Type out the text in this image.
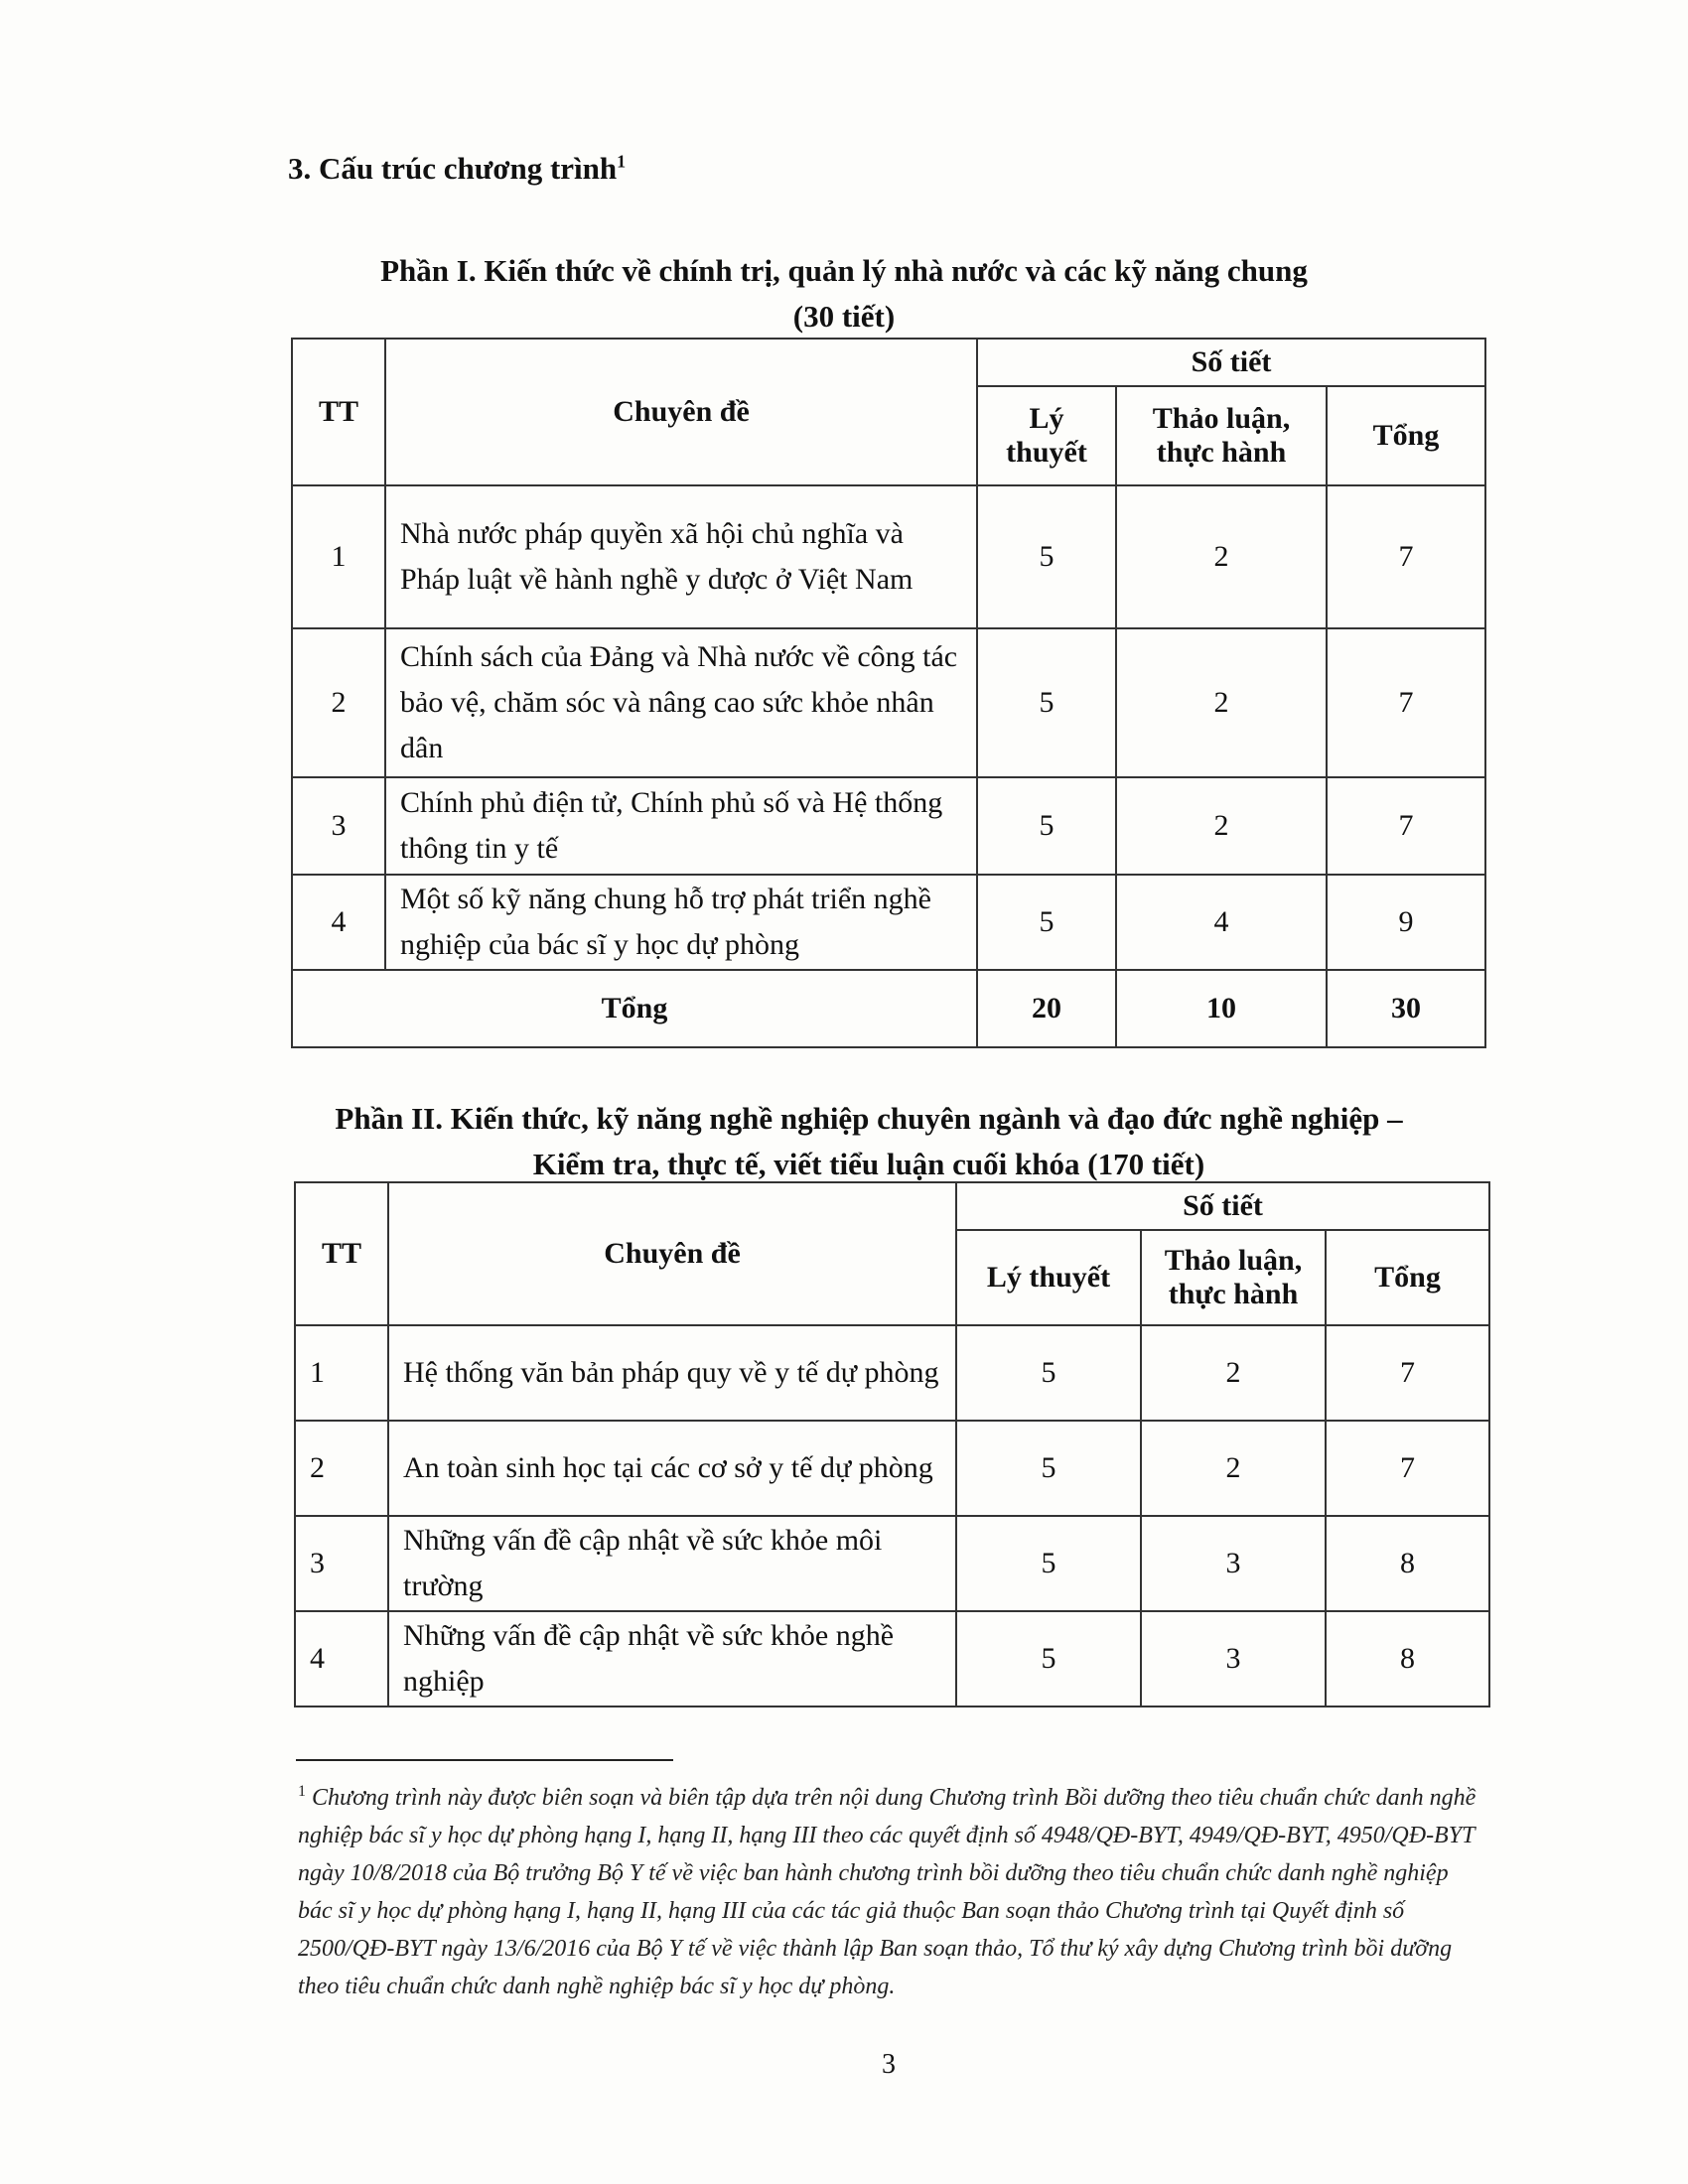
3. Cấu trúc chương trình$^1$
Phần I. Kiến thức về chính trị, quản lý nhà nước và các kỹ năng chung
(30 tiết)
TT	Chuyên đề	Số tiết		
		Lý thuyết	Thảo luận, thực hành	Tổng
1	Nhà nước pháp quyền xã hội chủ nghĩa và Pháp luật về hành nghề y dược ở Việt Nam	5	2	7
2	Chính sách của Đảng và Nhà nước về công tác bảo vệ, chăm sóc và nâng cao sức khỏe nhân dân	5	2	7
3	Chính phủ điện tử, Chính phủ số và Hệ thống thông tin y tế	5	2	7
4	Một số kỹ năng chung hỗ trợ phát triển nghề nghiệp của bác sĩ y học dự phòng	5	4	9
Tổng		20	10	30
Phần II. Kiến thức, kỹ năng nghề nghiệp chuyên ngành và đạo đức nghề nghiệp –
Kiểm tra, thực tế, viết tiểu luận cuối khóa (170 tiết)
TT	Chuyên đề	Số tiết		
		Lý thuyết	Thảo luận, thực hành	Tổng
1	Hệ thống văn bản pháp quy về y tế dự phòng	5	2	7
2	An toàn sinh học tại các cơ sở y tế dự phòng	5	2	7
3	Những vấn đề cập nhật về sức khỏe môi trường	5	3	8
4	Những vấn đề cập nhật về sức khỏe nghề nghiệp	5	3	8

$^1$ Chương trình này được biên soạn và biên tập dựa trên nội dung Chương trình Bồi dưỡng theo tiêu chuẩn chức danh nghề nghiệp bác sĩ y học dự phòng hạng I, hạng II, hạng III theo các quyết định số 4948/QĐ-BYT, 4949/QĐ-BYT, 4950/QĐ-BYT ngày 10/8/2018 của Bộ trưởng Bộ Y tế về việc ban hành chương trình bồi dưỡng theo tiêu chuẩn chức danh nghề nghiệp bác sĩ y học dự phòng hạng I, hạng II, hạng III của các tác giả thuộc Ban soạn thảo Chương trình tại Quyết định số 2500/QĐ-BYT ngày 13/6/2016 của Bộ Y tế về việc thành lập Ban soạn thảo, Tổ thư ký xây dựng Chương trình bồi dưỡng theo tiêu chuẩn chức danh nghề nghiệp bác sĩ y học dự phòng.

3
